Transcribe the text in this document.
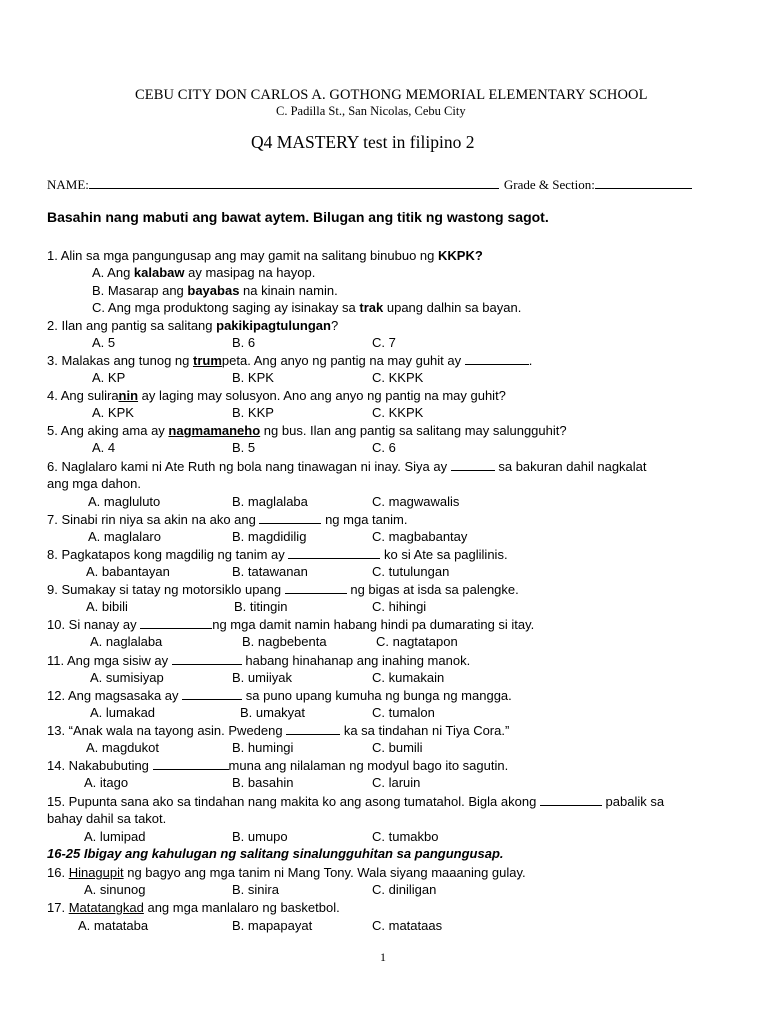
CEBU CITY DON CARLOS A. GOTHONG MEMORIAL ELEMENTARY SCHOOL
C. Padilla St., San Nicolas, Cebu City
Q4 MASTERY test in filipino 2
NAME:	Grade & Section:
Basahin nang mabuti ang bawat aytem. Bilugan ang titik ng wastong sagot.
1. Alin sa mga pangungusap ang may gamit na salitang binubuo ng KKPK?
A. Ang kalabaw ay masipag na hayop.
B. Masarap ang bayabas na kinain namin.
C. Ang mga produktong saging ay isinakay sa trak upang dalhin sa bayan.
2. Ilan ang pantig sa salitang pakikipagtulungan?
A. 5	B. 6	C. 7
3. Malakas ang tunog ng trumpeta. Ang anyo ng pantig na may guhit ay	.
A. KP	B. KPK	C. KKPK
4. Ang suliranin ay laging may solusyon. Ano ang anyo ng pantig na may guhit?
A. KPK	B. KKP	C. KKPK
5. Ang aking ama ay nagmamaneho ng bus. Ilan ang pantig sa salitang may salungguhit?
A. 4	B. 5	C. 6
6. Naglalaro kami ni Ate Ruth ng bola nang tinawagan ni inay. Siya ay	sa bakuran dahil nagkalat
ang mga dahon.
A. magluluto	B. maglalaba	C. magwawalis
7. Sinabi rin niya sa akin na ako ang	ng mga tanim.
A. maglalaro	B. magdidilig	C. magbabantay
8. Pagkatapos kong magdilig ng tanim ay	ko si Ate sa paglilinis.
A. babantayan	B. tatawanan	C. tutulungan
9. Sumakay si tatay ng motorsiklo upang	ng bigas at isda sa palengke.
A. bibili	B. titingin	C. hihingi
10. Si nanay ay	ng mga damit namin habang hindi pa dumarating si itay.
A. naglalaba	B. nagbebenta	C. nagtatapon
11. Ang mga sisiw ay	habang hinahanap ang inahing manok.
A. sumisiyap	B. umiiyak	C. kumakain
12. Ang magsasaka ay	sa puno upang kumuha ng bunga ng mangga.
A. lumakad	B. umakyat	C. tumalon
13. “Anak wala na tayong asin. Pwedeng	ka sa tindahan ni Tiya Cora.”
A. magdukot	B. humingi	C. bumili
14. Nakabubuting	muna ang nilalaman ng modyul bago ito sagutin.
A. itago	B. basahin	C. laruin
15. Pupunta sana ako sa tindahan nang makita ko ang asong tumatahol. Bigla akong	pabalik sa
bahay dahil sa takot.
A. lumipad	B. umupo	C. tumakbo
16-25 Ibigay ang kahulugan ng salitang sinalungguhitan sa pangungusap.
16. Hinagupit ng bagyo ang mga tanim ni Mang Tony. Wala siyang maaaning gulay.
A. sinunog	B. sinira	C. diniligan
17. Matatangkad ang mga manlalaro ng basketbol.
A. matataba	B. mapapayat	C. matataas
1
